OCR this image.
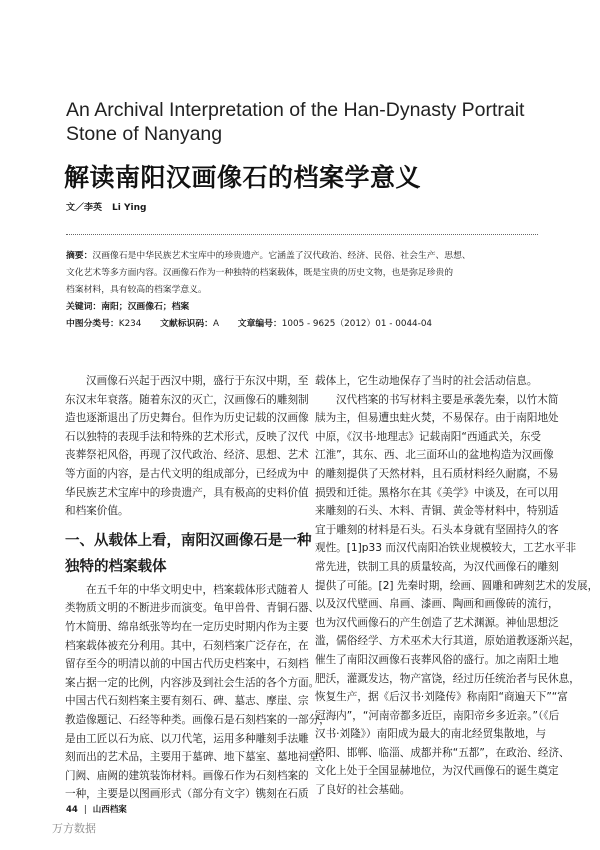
An Archival Interpretation of the Han-Dynasty Portrait Stone of Nanyang
解读南阳汉画像石的档案学意义
文／李英 Li Ying
摘要：汉画像石是中华民族艺术宝库中的珍贵遗产。它涵盖了汉代政治、经济、民俗、社会生产、思想、
文化艺术等多方面内容。汉画像石作为一种独特的档案载体，既是宝贵的历史文物，也是弥足珍贵的
档案材料，具有较高的档案学意义。
关键词：南阳；汉画像石；档案
中图分类号：K234 文献标识码：A 文章编号：1005 - 9625（2012）01 - 0044-04
汉画像石兴起于西汉中期，盛行于东汉中期，至
东汉末年衰落。随着东汉的灭亡，汉画像石的雕刻制
造也逐渐退出了历史舞台。但作为历史记载的汉画像
石以独特的表现手法和特殊的艺术形式，反映了汉代
丧葬祭祀风俗，再现了汉代政治、经济、思想、艺术
等方面的内容，是古代文明的组成部分，已经成为中
华民族艺术宝库中的珍贵遗产，具有极高的史料价值
和档案价值。
一、从载体上看，南阳汉画像石是一种
独特的档案载体
在五千年的中华文明史中，档案载体形式随着人
类物质文明的不断进步而演变。龟甲兽骨、青铜石器、
竹木简册、绵帛纸张等均在一定历史时期内作为主要
档案载体被充分利用。其中，石刻档案广泛存在，在
留存至今的明清以前的中国古代历史档案中，石刻档
案占据一定的比例，内容涉及到社会生活的各个方面。
中国古代石刻档案主要有刻石、碑、墓志、摩崖、宗
教造像题记、石经等种类。画像石是石刻档案的一部分，
是由工匠以石为底、以刀代笔，运用多种雕刻手法雕
刻而出的艺术品，主要用于墓碑、地下墓室、墓地祠堂、
门阙、庙阙的建筑装饰材料。画像石作为石刻档案的
一种，主要是以图画形式（部分有文字）镌刻在石质
载体上，它生动地保存了当时的社会活动信息。
汉代档案的书写材料主要是承袭先秦，以竹木简
牍为主，但易遭虫蛀火焚，不易保存。由于南阳地处
中原，《汉书·地理志》记载南阳“西通武关，东受
江淮”，其东、西、北三面环山的盆地构造为汉画像
的雕刻提供了天然材料，且石质材料经久耐腐，不易
损毁和迁徙。黑格尔在其《美学》中谈及，在可以用
来雕刻的石头、木料、青铜、黄金等材料中，特别适
宜于雕刻的材料是石头。石头本身就有坚固持久的客
观性。[1]p33 而汉代南阳冶铁业规模较大，工艺水平非
常先进，铁制工具的质量较高，为汉代画像石的雕刻
提供了可能。[2] 先秦时期，绘画、圆雕和碑刻艺术的发展，
以及汉代壁画、帛画、漆画、陶画和画像砖的流行，
也为汉代画像石的产生创造了艺术渊源。神仙思想泛
滥，儒俗经学、方术巫术大行其道，原始道教逐渐兴起，
催生了南阳汉画像石丧葬风俗的盛行。加之南阳土地
肥沃，灌溉发达，物产富饶，经过历任统治者与民休息，
恢复生产，据《后汉书·刘隆传》称南阳“商遍天下”“富
冠海内”，“河南帝都多近臣，南阳帝乡多近亲。”（《后
汉书·刘隆》）南阳成为最大的南北经贸集散地，与
洛阳、邯郸、临淄、成都并称“五都”，在政治、经济、
文化上处于全国显赫地位，为汉代画像石的诞生奠定
了良好的社会基础。
44 | 山西档案
万方数据
